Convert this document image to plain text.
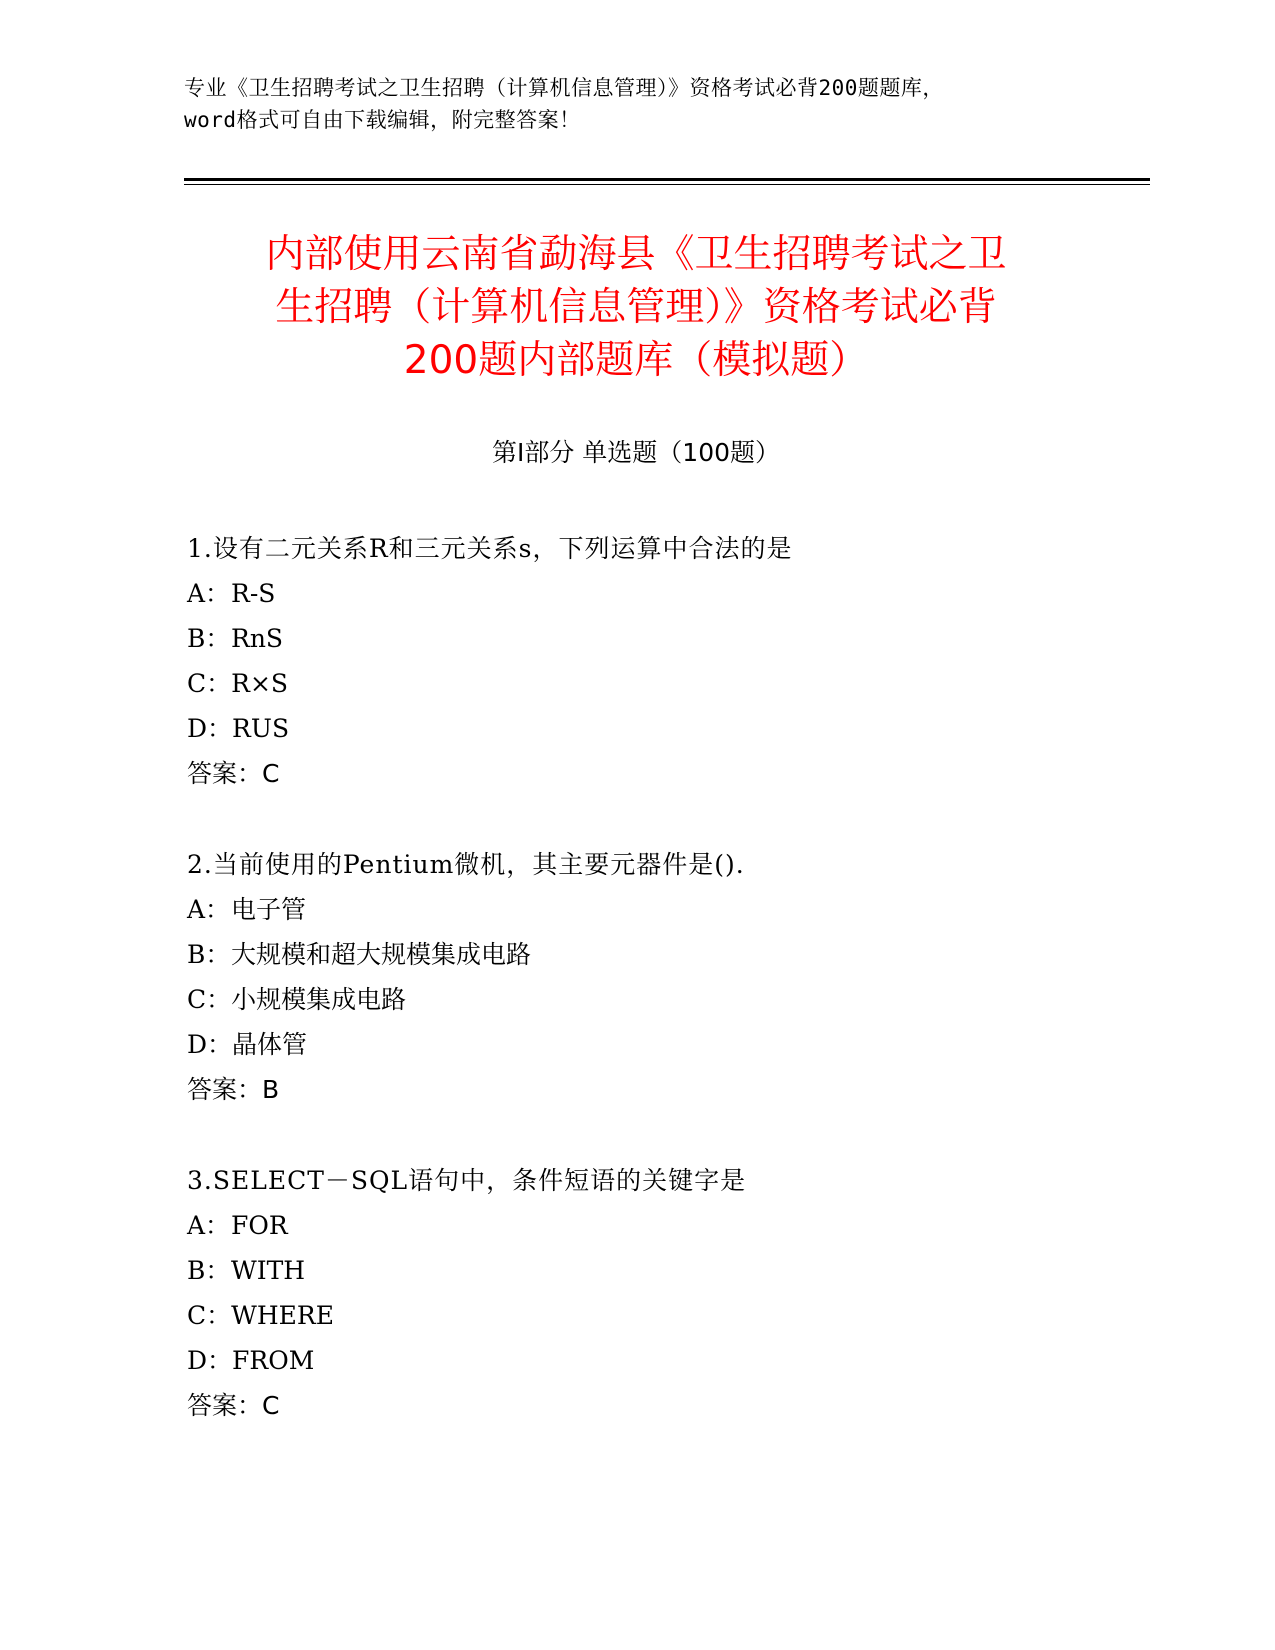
专业《卫生招聘考试之卫生招聘（计算机信息管理）》资格考试必背200题题库，
word格式可自由下载编辑，附完整答案！
内部使用云南省勐海县《卫生招聘考试之卫
生招聘（计算机信息管理）》资格考试必背
200题内部题库（模拟题）
第Ⅰ部分 单选题（100题）
1.设有二元关系R和三元关系s，下列运算中合法的是
A：R-S
B：RnS
C：R×S
D：RUS
答案：C
2.当前使用的Pentium微机，其主要元器件是().
A：电子管
B：大规模和超大规模集成电路
C：小规模集成电路
D：晶体管
答案：B
3.SELECT－SQL语句中，条件短语的关键字是
A：FOR
B：WITH
C：WHERE
D：FROM
答案：C
